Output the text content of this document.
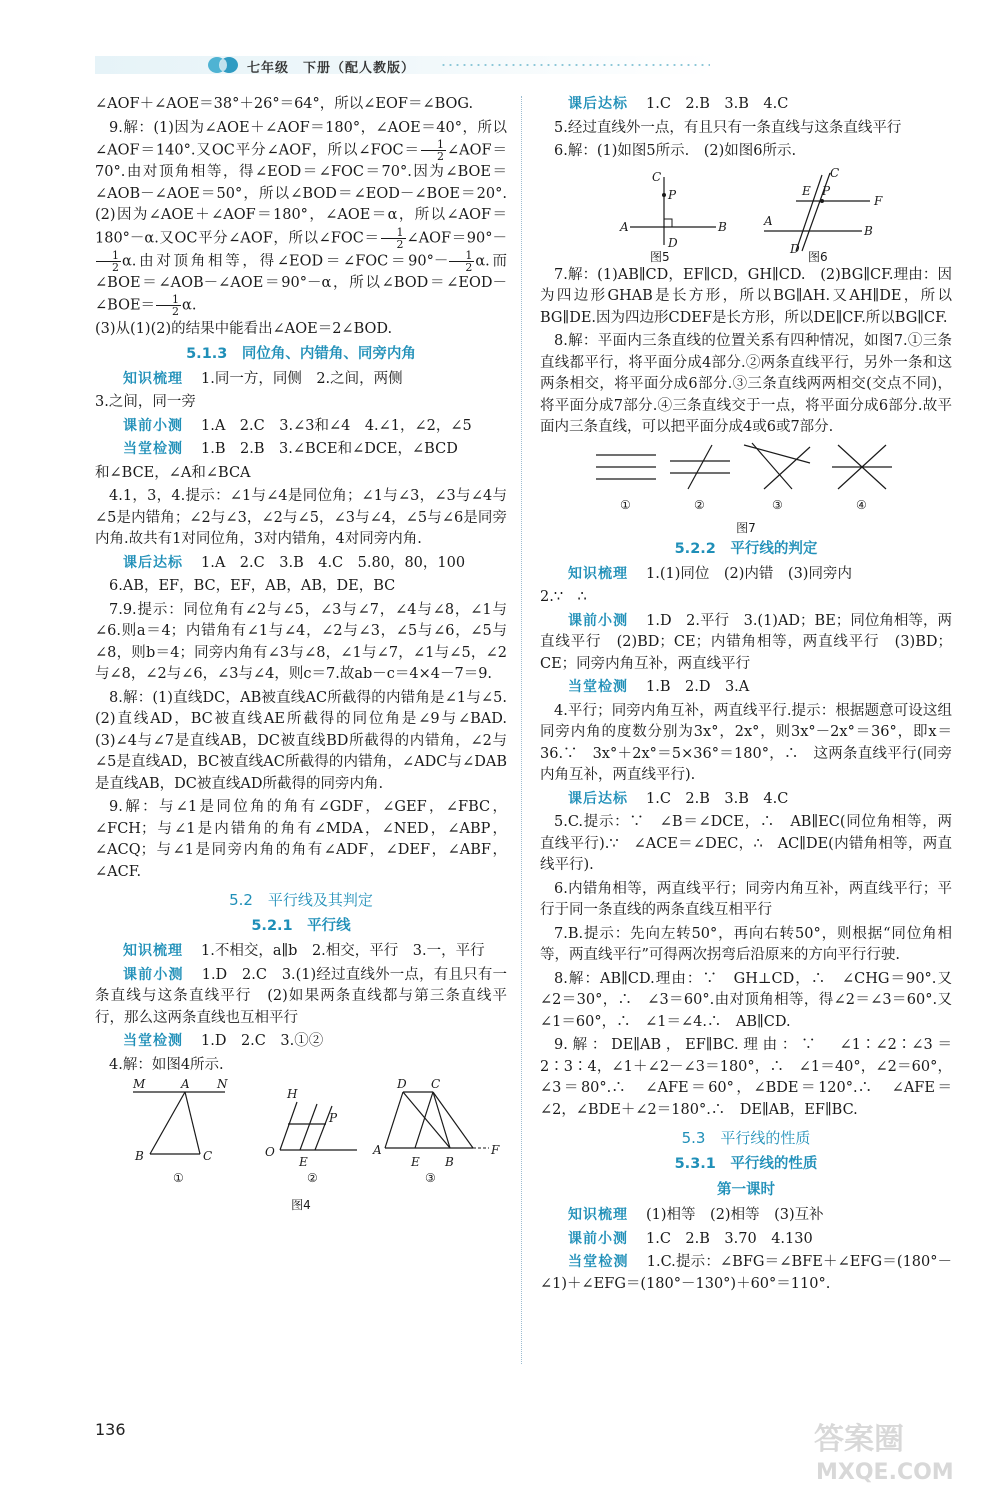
七年级　下册（配人教版）

∠AOF＋∠AOE＝38°＋26°＝64°，所以∠EOF＝∠BOG.

9.解：(1)因为∠AOE＋∠AOF＝180°，∠AOE＝40°，所以∠AOF＝140°.又OC平分∠AOF，所以∠FOC＝ $\frac{1}{2}$ ∠AOF＝70°.由对顶角相等，得∠EOD＝∠FOC＝70°.因为∠BOE＝∠AOB－∠AOE＝50°，所以∠BOD＝∠EOD－∠BOE＝20°.　(2)因为∠AOE＋∠AOF＝180°，∠AOE＝α，所以∠AOF＝180°－α.又OC平分∠AOF，所以∠FOC＝ $\frac{1}{2}$ ∠AOF＝90°－
$\frac{1}{2} \alpha$.由对顶角相等，得∠EOD＝∠FOC＝90°－ $\frac{1}{2} \alpha$.而∠BOE＝∠AOB－∠AOE＝90°－α，所以∠BOD＝∠EOD－∠BOE＝ $\frac{1}{2} \alpha$.

(3)从(1)(2)的结果中能看出∠AOE＝2∠BOD.

5.1.3　同位角、内错角、同旁内角

知识梳理 1.同一方，同侧　2.之间，两侧

3.之间，同一旁

课前小测 1.A　2.C　3.∠3和∠4　4.∠1，∠2，∠5

当堂检测 1.B　2.B　3.∠BCE和∠DCE，∠BCD

和∠BCE，∠A和∠BCA

4.1，3，4.提示：∠1与∠4是同位角；∠1与∠3，∠3与∠4与∠5是内错角；∠2与∠3，∠2与∠5，∠3与∠4，∠5与∠6是同旁内角.故共有1对同位角，3对内错角，4对同旁内角.

课后达标 1.A　2.C　3.B　4.C　5.80，80，100

6.AB，EF，BC，EF，AB，AB，DE，BC

7.9.提示：同位角有∠2与∠5，∠3与∠7，∠4与∠8，∠1与∠6.则a＝4；内错角有∠1与∠4，∠2与∠3，∠5与∠6，∠5与∠8，则b＝4；同旁内角有∠3与∠8，∠1与∠7，∠1与∠5，∠2与∠8，∠2与∠6，∠3与∠4，则c＝7.故ab－c＝4×4－7＝9.

8.解：(1)直线DC，AB被直线AC所截得的内错角是∠1与∠5.　(2)直线AD，BC被直线AE所截得的同位角是∠9与∠BAD.　(3)∠4与∠7是直线AB，DC被直线BD所截得的内错角，∠2与∠5是直线AD，BC被直线AC所截得的内错角，∠ADC与∠DAB是直线AB，DC被直线AD所截得的同旁内角.

9.解：与∠1是同位角的角有∠GDF，∠GEF，∠FBC，∠FCH；与∠1是内错角的角有∠MDA，∠NED，∠ABP，∠ACQ；与∠1是同旁内角的角有∠ADF，∠DEF，∠ABF，∠ACF.

5.2　平行线及其判定
5.2.1　平行线

知识梳理 1.不相交，a∥b　2.相交，平行　3.一，平行

课前小测 1.D　2.C　3.(1)经过直线外一点，有且只有一条直线与这条直线平行　(2)如果两条直线都与第三条直线平行，那么这两条直线也互相平行

当堂检测 1.D　2.C　3.①②

4.解：如图4所示.

M	A N
B	C
①
H
P
O
E
②
D C
A
E B
F
③
图4

课后达标 1.C　2.B　3.B　4.C

5.经过直线外一点，有且只有一条直线与这条直线平行

6.解：(1)如图5所示.　(2)如图6所示.

C
P
A	B
D
图5
C
E P
F
A
B
D
图6

7.解：(1)AB∥CD，EF∥CD，GH∥CD.　(2)BG∥CF.理由：因为四边形GHAB是长方形，所以BG∥AH.又AH∥DE，所以BG∥DE.因为四边形CDEF是长方形，所以DE∥CF.所以BG∥CF.

8.解：平面内三条直线的位置关系有四种情况，如图7.①三条直线都平行，将平面分成4部分.②两条直线平行，另外一条和这两条相交，将平面分成6部分.③三条直线两两相交(交点不同)，将平面分成7部分.④三条直线交于一点，将平面分成6部分.故平面内三条直线，可以把平面分成4或6或7部分.

①	②	③	④
图7
5.2.2　平行线的判定

知识梳理 1.(1)同位　(2)内错　(3)同旁内

2.∵　∴

课前小测 1.D　2.平行　3.(1)AD；BE；同位角相等，两直线平行　(2)BD；CE；内错角相等，两直线平行　(3)BD；CE；同旁内角互补，两直线平行

当堂检测 1.B　2.D　3.A

4.平行；同旁内角互补，两直线平行.提示：根据题意可设这组同旁内角的度数分别为3x°，2x°，则3x°－2x°＝36°，即x＝36.∵　3x°＋2x°＝5×36°＝180°，∴　这两条直线平行(同旁内角互补，两直线平行).

课后达标 1.C　2.B　3.B　4.C

5.C.提示：∵　∠B＝∠DCE，∴　AB∥EC(同位角相等，两直线平行).∵　∠ACE＝∠DEC，∴　AC∥DE(内错角相等，两直线平行).

6.内错角相等，两直线平行；同旁内角互补，两直线平行；平行于同一条直线的两条直线互相平行

7.B.提示：先向左转50°，再向右转50°，则根据“同位角相等，两直线平行”可得两次拐弯后沿原来的方向平行行驶.

8.解：AB∥CD.理由：∵　GH⊥CD，∴　∠CHG＝90°.又∠2＝30°，∴　∠3＝60°.由对顶角相等，得∠2＝∠3＝60°.又∠1＝60°，∴　∠1＝∠4.∴　AB∥CD.

9.解：DE∥AB，EF∥BC.理由：∵　∠1∶∠2∶∠3＝2∶3∶4，∠1＋∠2－∠3＝180°，∴　∠1＝40°，∠2＝60°，∠3＝80°.∴　∠AFE＝60°，∠BDE＝120°.∴　∠AFE＝∠2，∠BDE＋∠2＝180°.∴　DE∥AB，EF∥BC.

5.3　平行线的性质
5.3.1　平行线的性质
第一课时

知识梳理 (1)相等　(2)相等　(3)互补

课前小测 1.C　2.B　3.70　4.130

当堂检测 1.C.提示：∠BFG＝∠BFE＋∠EFG＝(180°－∠1)＋∠EFG＝(180°－130°)＋60°＝110°.

136	答案圈
MXQE.COM
